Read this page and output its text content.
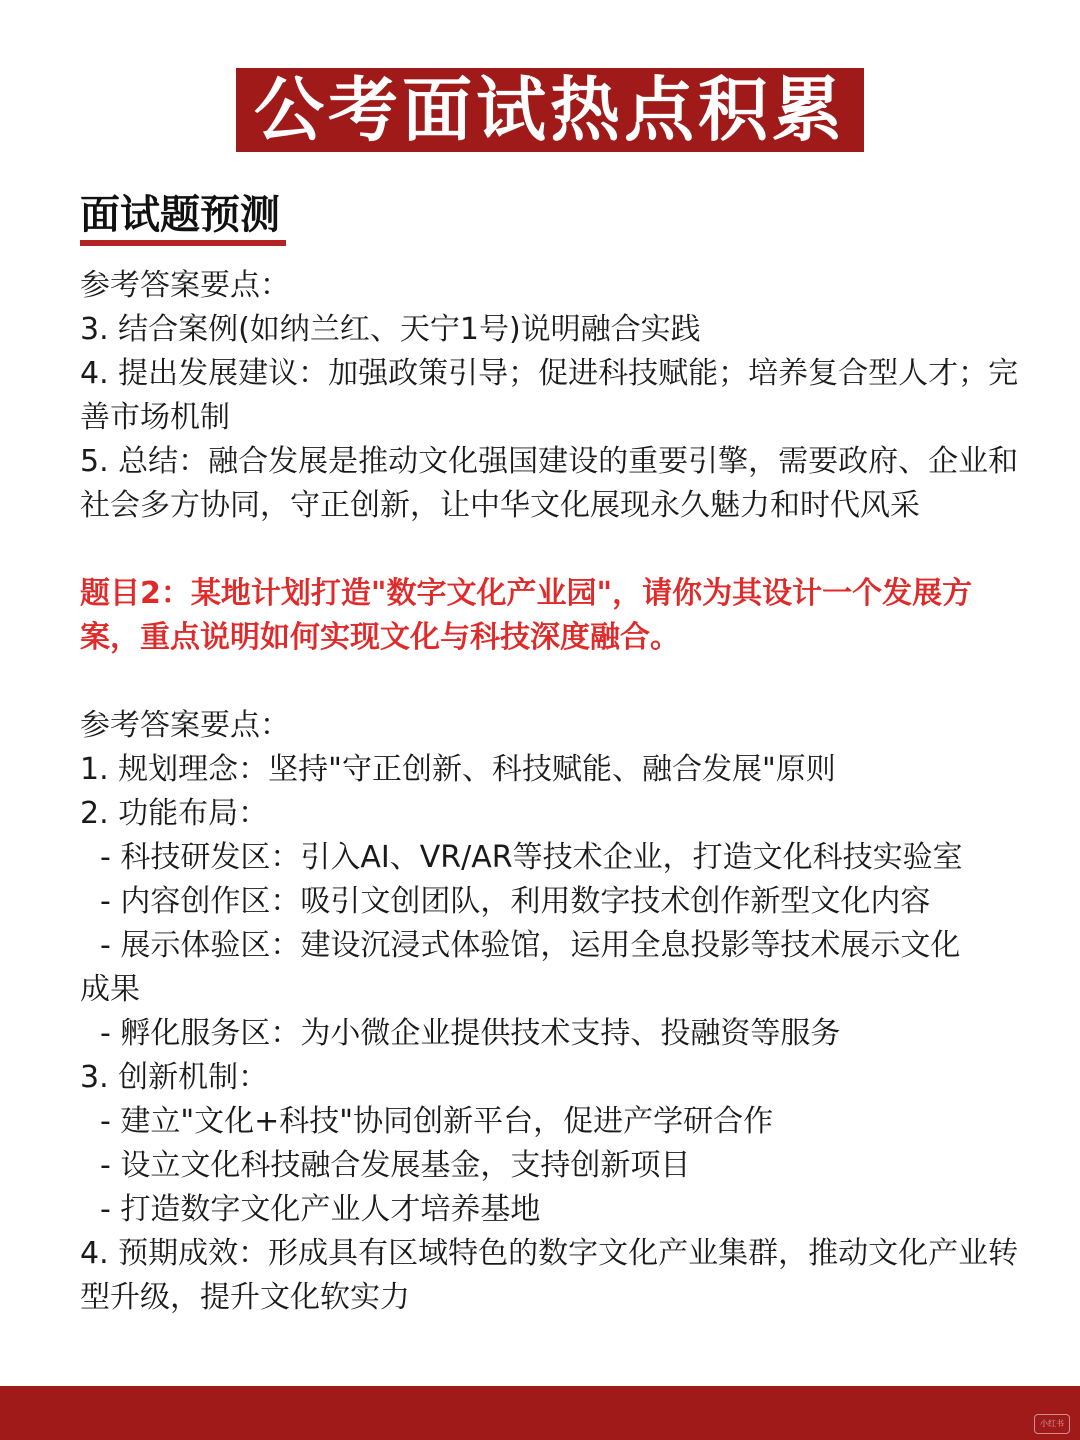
公考面试热点积累
面试题预测

参考答案要点：

3. 结合案例(如纳兰红、天宁1号)说明融合实践

4. 提出发展建议：加强政策引导；促进科技赋能；培养复合型人才；完善市场机制

5. 总结：融合发展是推动文化强国建设的重要引擎，需要政府、企业和社会多方协同，守正创新，让中华文化展现永久魅力和时代风采

题目2：某地计划打造"数字文化产业园"，请你为其设计一个发展方案，重点说明如何实现文化与科技深度融合。

参考答案要点：

1. 规划理念：坚持"守正创新、科技赋能、融合发展"原则

2. 功能布局：

- 科技研发区：引入AI、VR/AR等技术企业，打造文化科技实验室

- 内容创作区：吸引文创团队，利用数字技术创作新型文化内容

- 展示体验区：建设沉浸式体验馆，运用全息投影等技术展示文化

成果

- 孵化服务区：为小微企业提供技术支持、投融资等服务

3. 创新机制：

- 建立"文化+科技"协同创新平台，促进产学研合作

- 设立文化科技融合发展基金，支持创新项目

- 打造数字文化产业人才培养基地

4. 预期成效：形成具有区域特色的数字文化产业集群，推动文化产业转型升级，提升文化软实力

小红书
